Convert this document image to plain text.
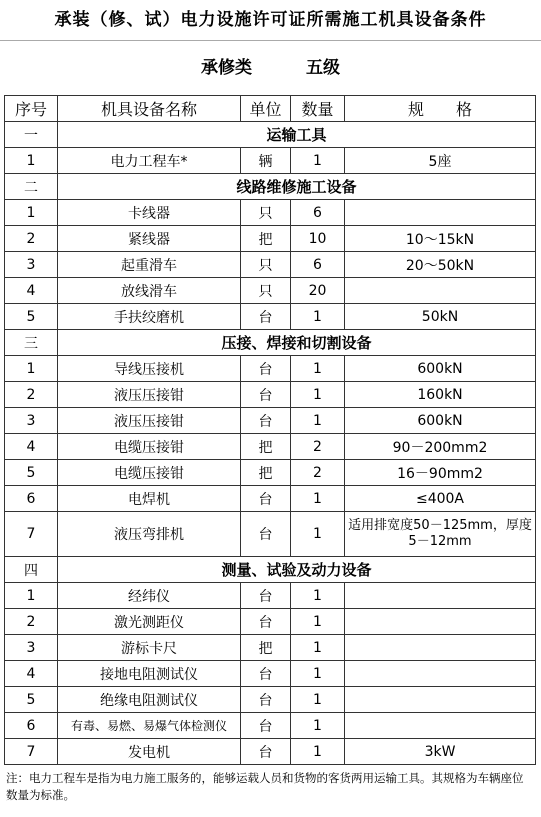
承装（修、试）电力设施许可证所需施工机具设备条件
承修类	五级
序号	机具设备名称	单位	数量	规　　格
一	运输工具			
1	电力工程车*	辆	1	5座
二	线路维修施工设备			
1	卡线器	只	6	
2	紧线器	把	10	10～15kN
3	起重滑车	只	6	20～50kN
4	放线滑车	只	20	
5	手扶绞磨机	台	1	50kN
三	压接、焊接和切割设备			
1	导线压接机	台	1	600kN
2	液压压接钳	台	1	160kN
3	液压压接钳	台	1	600kN
4	电缆压接钳	把	2	90－200mm2
5	电缆压接钳	把	2	16－90mm2
6	电焊机	台	1	≤400A
7	液压弯排机	台	1	适用排宽度50－125mm，厚度5－12mm
四	测量、试验及动力设备			
1	经纬仪	台	1	
2	激光测距仪	台	1	
3	游标卡尺	把	1	
4	接地电阻测试仪	台	1	
5	绝缘电阻测试仪	台	1	
6	有毒、易燃、易爆气体检测仪	台	1	
7	发电机	台	1	3kW
注：电力工程车是指为电力施工服务的，能够运载人员和货物的客货两用运输工具。其规格为车辆座位数量为标准。
